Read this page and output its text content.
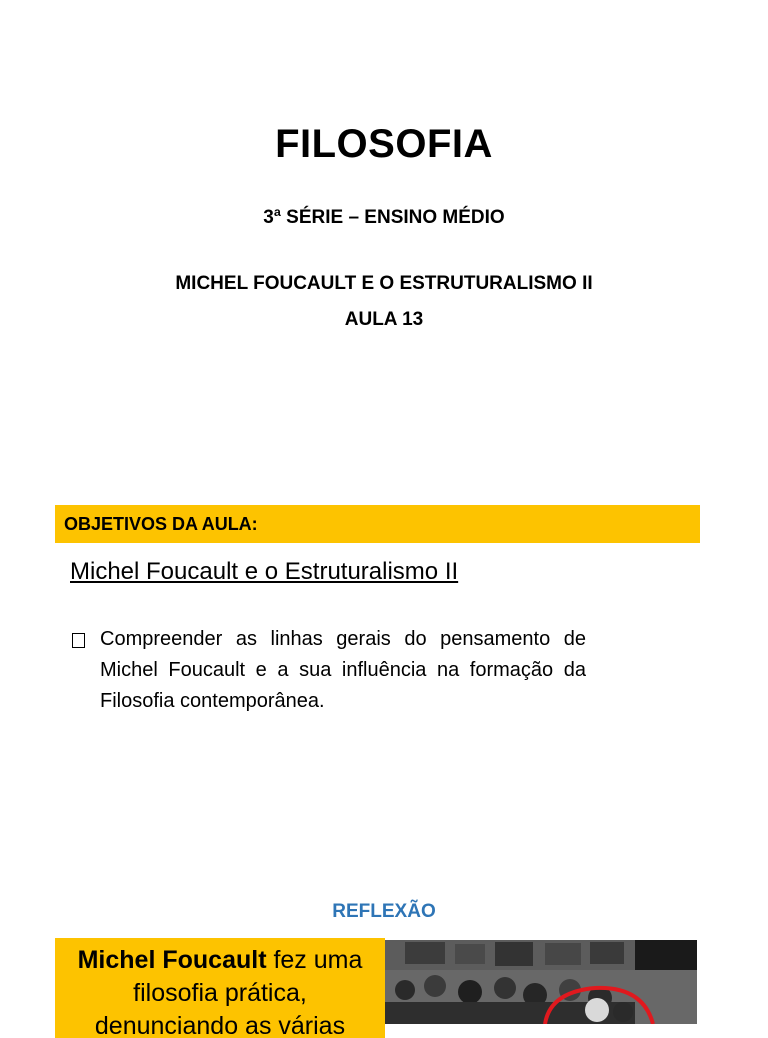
FILOSOFIA
3ª SÉRIE – ENSINO MÉDIO
MICHEL FOUCAULT E O ESTRUTURALISMO II
AULA 13
OBJETIVOS DA AULA:
Michel Foucault e o Estruturalismo II
Compreender as linhas gerais do pensamento de Michel Foucault e a sua influência na formação da Filosofia contemporânea.
REFLEXÃO
Michel Foucault fez uma filosofia prática, denunciando as várias
